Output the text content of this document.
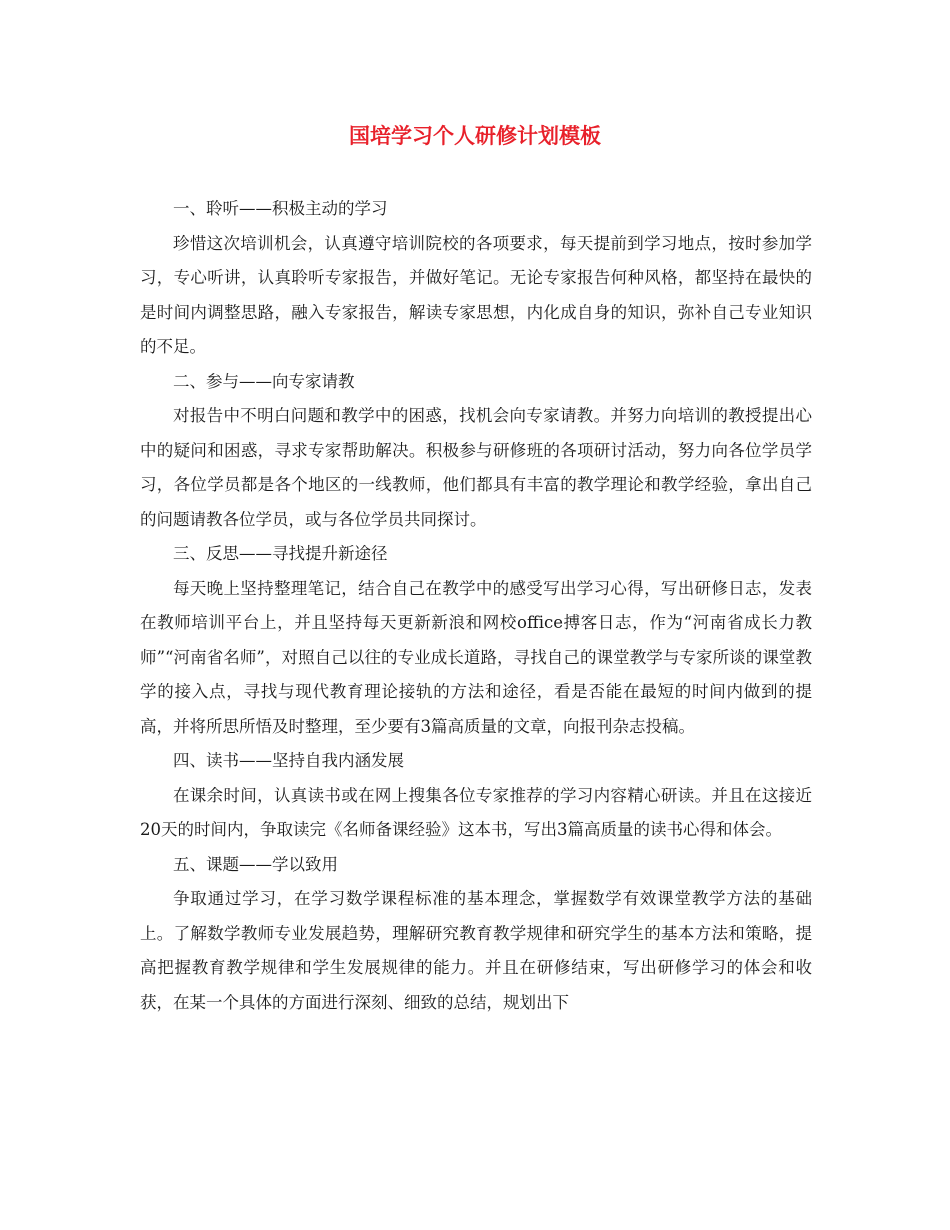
国培学习个人研修计划模板

一、聆听——积极主动的学习

珍惜这次培训机会，认真遵守培训院校的各项要求，每天提前到学习地点，按时参加学习，专心听讲，认真聆听专家报告，并做好笔记。无论专家报告何种风格，都坚持在最快的是时间内调整思路，融入专家报告，解读专家思想，内化成自身的知识，弥补自己专业知识的不足。

二、参与——向专家请教

对报告中不明白问题和教学中的困惑，找机会向专家请教。并努力向培训的教授提出心中的疑问和困惑，寻求专家帮助解决。积极参与研修班的各项研讨活动，努力向各位学员学习，各位学员都是各个地区的一线教师，他们都具有丰富的教学理论和教学经验，拿出自己的问题请教各位学员，或与各位学员共同探讨。

三、反思——寻找提升新途径

每天晚上坚持整理笔记，结合自己在教学中的感受写出学习心得，写出研修日志，发表在教师培训平台上，并且坚持每天更新新浪和网校office搏客日志，作为“河南省成长力教师”“河南省名师”，对照自己以往的专业成长道路，寻找自己的课堂教学与专家所谈的课堂教学的接入点，寻找与现代教育理论接轨的方法和途径，看是否能在最短的时间内做到的提高，并将所思所悟及时整理，至少要有3篇高质量的文章，向报刊杂志投稿。

四、读书——坚持自我内涵发展

在课余时间，认真读书或在网上搜集各位专家推荐的学习内容精心研读。并且在这接近20天的时间内，争取读完《名师备课经验》这本书，写出3篇高质量的读书心得和体会。

五、课题——学以致用

争取通过学习，在学习数学课程标准的基本理念，掌握数学有效课堂教学方法的基础上。了解数学教师专业发展趋势，理解研究教育教学规律和研究学生的基本方法和策略，提高把握教育教学规律和学生发展规律的能力。并且在研修结束，写出研修学习的体会和收获，在某一个具体的方面进行深刻、细致的总结，规划出下
